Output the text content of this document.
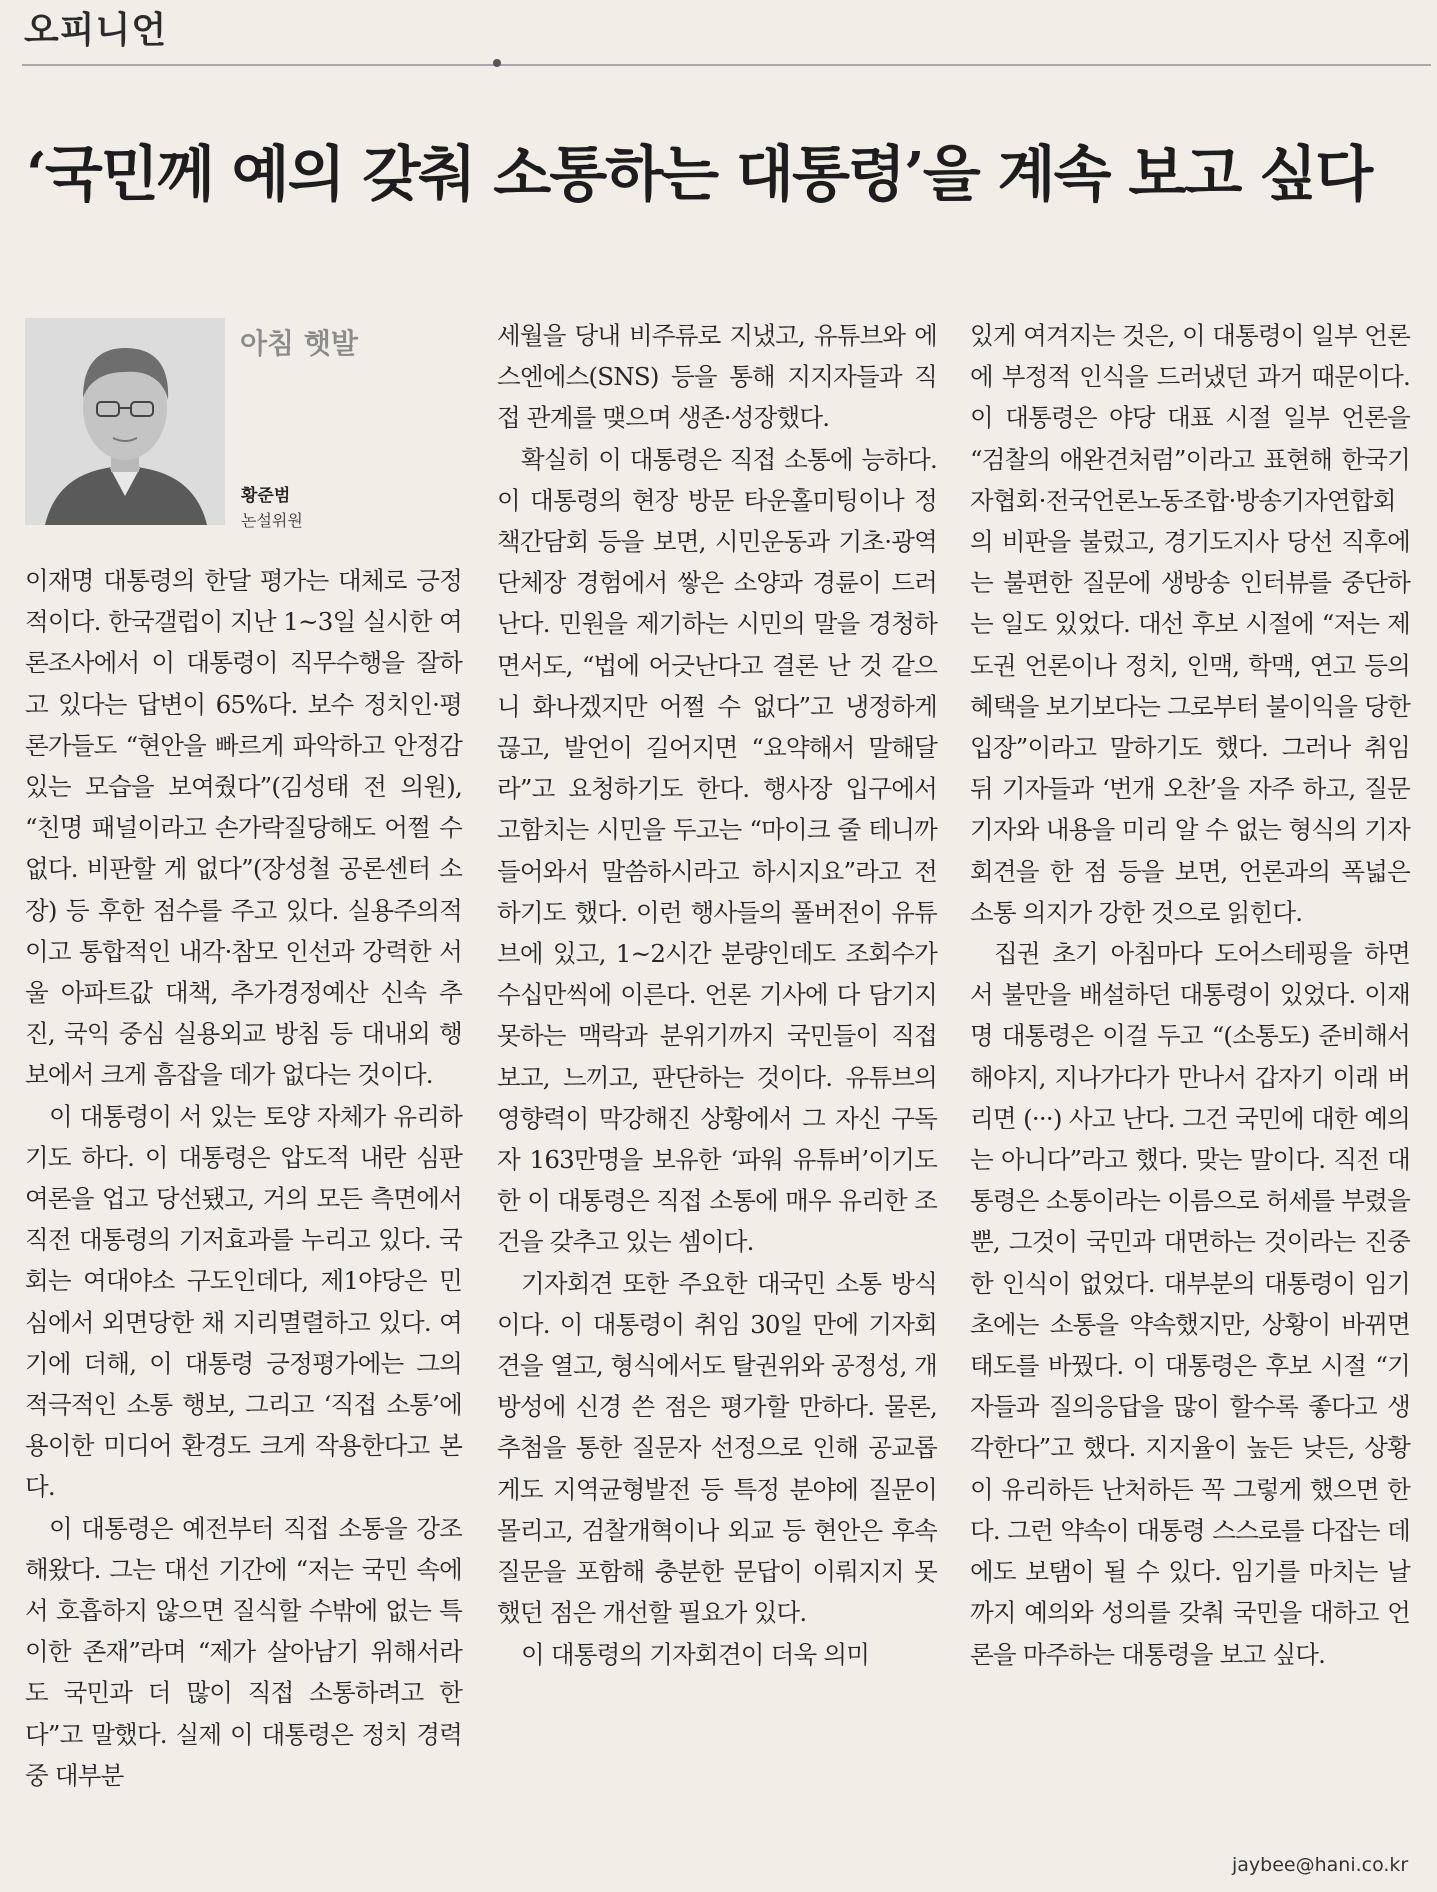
오피니언
‘국민께 예의 갖춰 소통하는 대통령’을 계속 보고 싶다
아침 햇발
황준범
논설위원

이재명 대통령의 한달 평가는 대체로 긍정적이다. 한국갤럽이 지난 1~3일 실시한 여론조사에서 이 대통령이 직무수행을 잘하고 있다는 답변이 65%다. 보수 정치인·평론가들도 “현안을 빠르게 파악하고 안정감 있는 모습을 보여줬다”(김성태 전 의원), “친명 패널이라고 손가락질당해도 어쩔 수 없다. 비판할 게 없다”(장성철 공론센터 소장) 등 후한 점수를 주고 있다. 실용주의적이고 통합적인 내각·참모 인선과 강력한 서울 아파트값 대책, 추가경정예산 신속 추진, 국익 중심 실용외교 방침 등 대내외 행보에서 크게 흠잡을 데가 없다는 것이다.

이 대통령이 서 있는 토양 자체가 유리하기도 하다. 이 대통령은 압도적 내란 심판 여론을 업고 당선됐고, 거의 모든 측면에서 직전 대통령의 기저효과를 누리고 있다. 국회는 여대야소 구도인데다, 제1야당은 민심에서 외면당한 채 지리멸렬하고 있다. 여기에 더해, 이 대통령 긍정평가에는 그의 적극적인 소통 행보, 그리고 ‘직접 소통’에 용이한 미디어 환경도 크게 작용한다고 본다.

이 대통령은 예전부터 직접 소통을 강조해왔다. 그는 대선 기간에 “저는 국민 속에서 호흡하지 않으면 질식할 수밖에 없는 특이한 존재”라며 “제가 살아남기 위해서라도 국민과 더 많이 직접 소통하려고 한다”고 말했다. 실제 이 대통령은 정치 경력 중 대부분

세월을 당내 비주류로 지냈고, 유튜브와 에스엔에스(SNS) 등을 통해 지지자들과 직접 관계를 맺으며 생존·성장했다.

확실히 이 대통령은 직접 소통에 능하다. 이 대통령의 현장 방문 타운홀미팅이나 정책간담회 등을 보면, 시민운동과 기초·광역단체장 경험에서 쌓은 소양과 경륜이 드러난다. 민원을 제기하는 시민의 말을 경청하면서도, “법에 어긋난다고 결론 난 것 같으니 화나겠지만 어쩔 수 없다”고 냉정하게 끊고, 발언이 길어지면 “요약해서 말해달라”고 요청하기도 한다. 행사장 입구에서 고함치는 시민을 두고는 “마이크 줄 테니까 들어와서 말씀하시라고 하시지요”라고 전하기도 했다. 이런 행사들의 풀버전이 유튜브에 있고, 1~2시간 분량인데도 조회수가 수십만씩에 이른다. 언론 기사에 다 담기지 못하는 맥락과 분위기까지 국민들이 직접 보고, 느끼고, 판단하는 것이다. 유튜브의 영향력이 막강해진 상황에서 그 자신 구독자 163만명을 보유한 ‘파워 유튜버’이기도 한 이 대통령은 직접 소통에 매우 유리한 조건을 갖추고 있는 셈이다.

기자회견 또한 주요한 대국민 소통 방식이다. 이 대통령이 취임 30일 만에 기자회견을 열고, 형식에서도 탈권위와 공정성, 개방성에 신경 쓴 점은 평가할 만하다. 물론, 추첨을 통한 질문자 선정으로 인해 공교롭게도 지역균형발전 등 특정 분야에 질문이 몰리고, 검찰개혁이나 외교 등 현안은 후속 질문을 포함해 충분한 문답이 이뤄지지 못했던 점은 개선할 필요가 있다.

이 대통령의 기자회견이 더욱 의미

있게 여겨지는 것은, 이 대통령이 일부 언론에 부정적 인식을 드러냈던 과거 때문이다. 이 대통령은 야당 대표 시절 일부 언론을 “검찰의 애완견처럼”이라고 표현해 한국기자협회·전국언론노동조합·방송기자연합회의 비판을 불렀고, 경기도지사 당선 직후에는 불편한 질문에 생방송 인터뷰를 중단하는 일도 있었다. 대선 후보 시절에 “저는 제도권 언론이나 정치, 인맥, 학맥, 연고 등의 혜택을 보기보다는 그로부터 불이익을 당한 입장”이라고 말하기도 했다. 그러나 취임 뒤 기자들과 ‘번개 오찬’을 자주 하고, 질문 기자와 내용을 미리 알 수 없는 형식의 기자회견을 한 점 등을 보면, 언론과의 폭넓은 소통 의지가 강한 것으로 읽힌다.

집권 초기 아침마다 도어스테핑을 하면서 불만을 배설하던 대통령이 있었다. 이재명 대통령은 이걸 두고 “(소통도) 준비해서 해야지, 지나가다가 만나서 갑자기 이래 버리면 (···) 사고 난다. 그건 국민에 대한 예의는 아니다”라고 했다. 맞는 말이다. 직전 대통령은 소통이라는 이름으로 허세를 부렸을 뿐, 그것이 국민과 대면하는 것이라는 진중한 인식이 없었다. 대부분의 대통령이 임기 초에는 소통을 약속했지만, 상황이 바뀌면 태도를 바꿨다. 이 대통령은 후보 시절 “기자들과 질의응답을 많이 할수록 좋다고 생각한다”고 했다. 지지율이 높든 낮든, 상황이 유리하든 난처하든 꼭 그렇게 했으면 한다. 그런 약속이 대통령 스스로를 다잡는 데에도 보탬이 될 수 있다. 임기를 마치는 날까지 예의와 성의를 갖춰 국민을 대하고 언론을 마주하는 대통령을 보고 싶다.

jaybee@hani.co.kr
